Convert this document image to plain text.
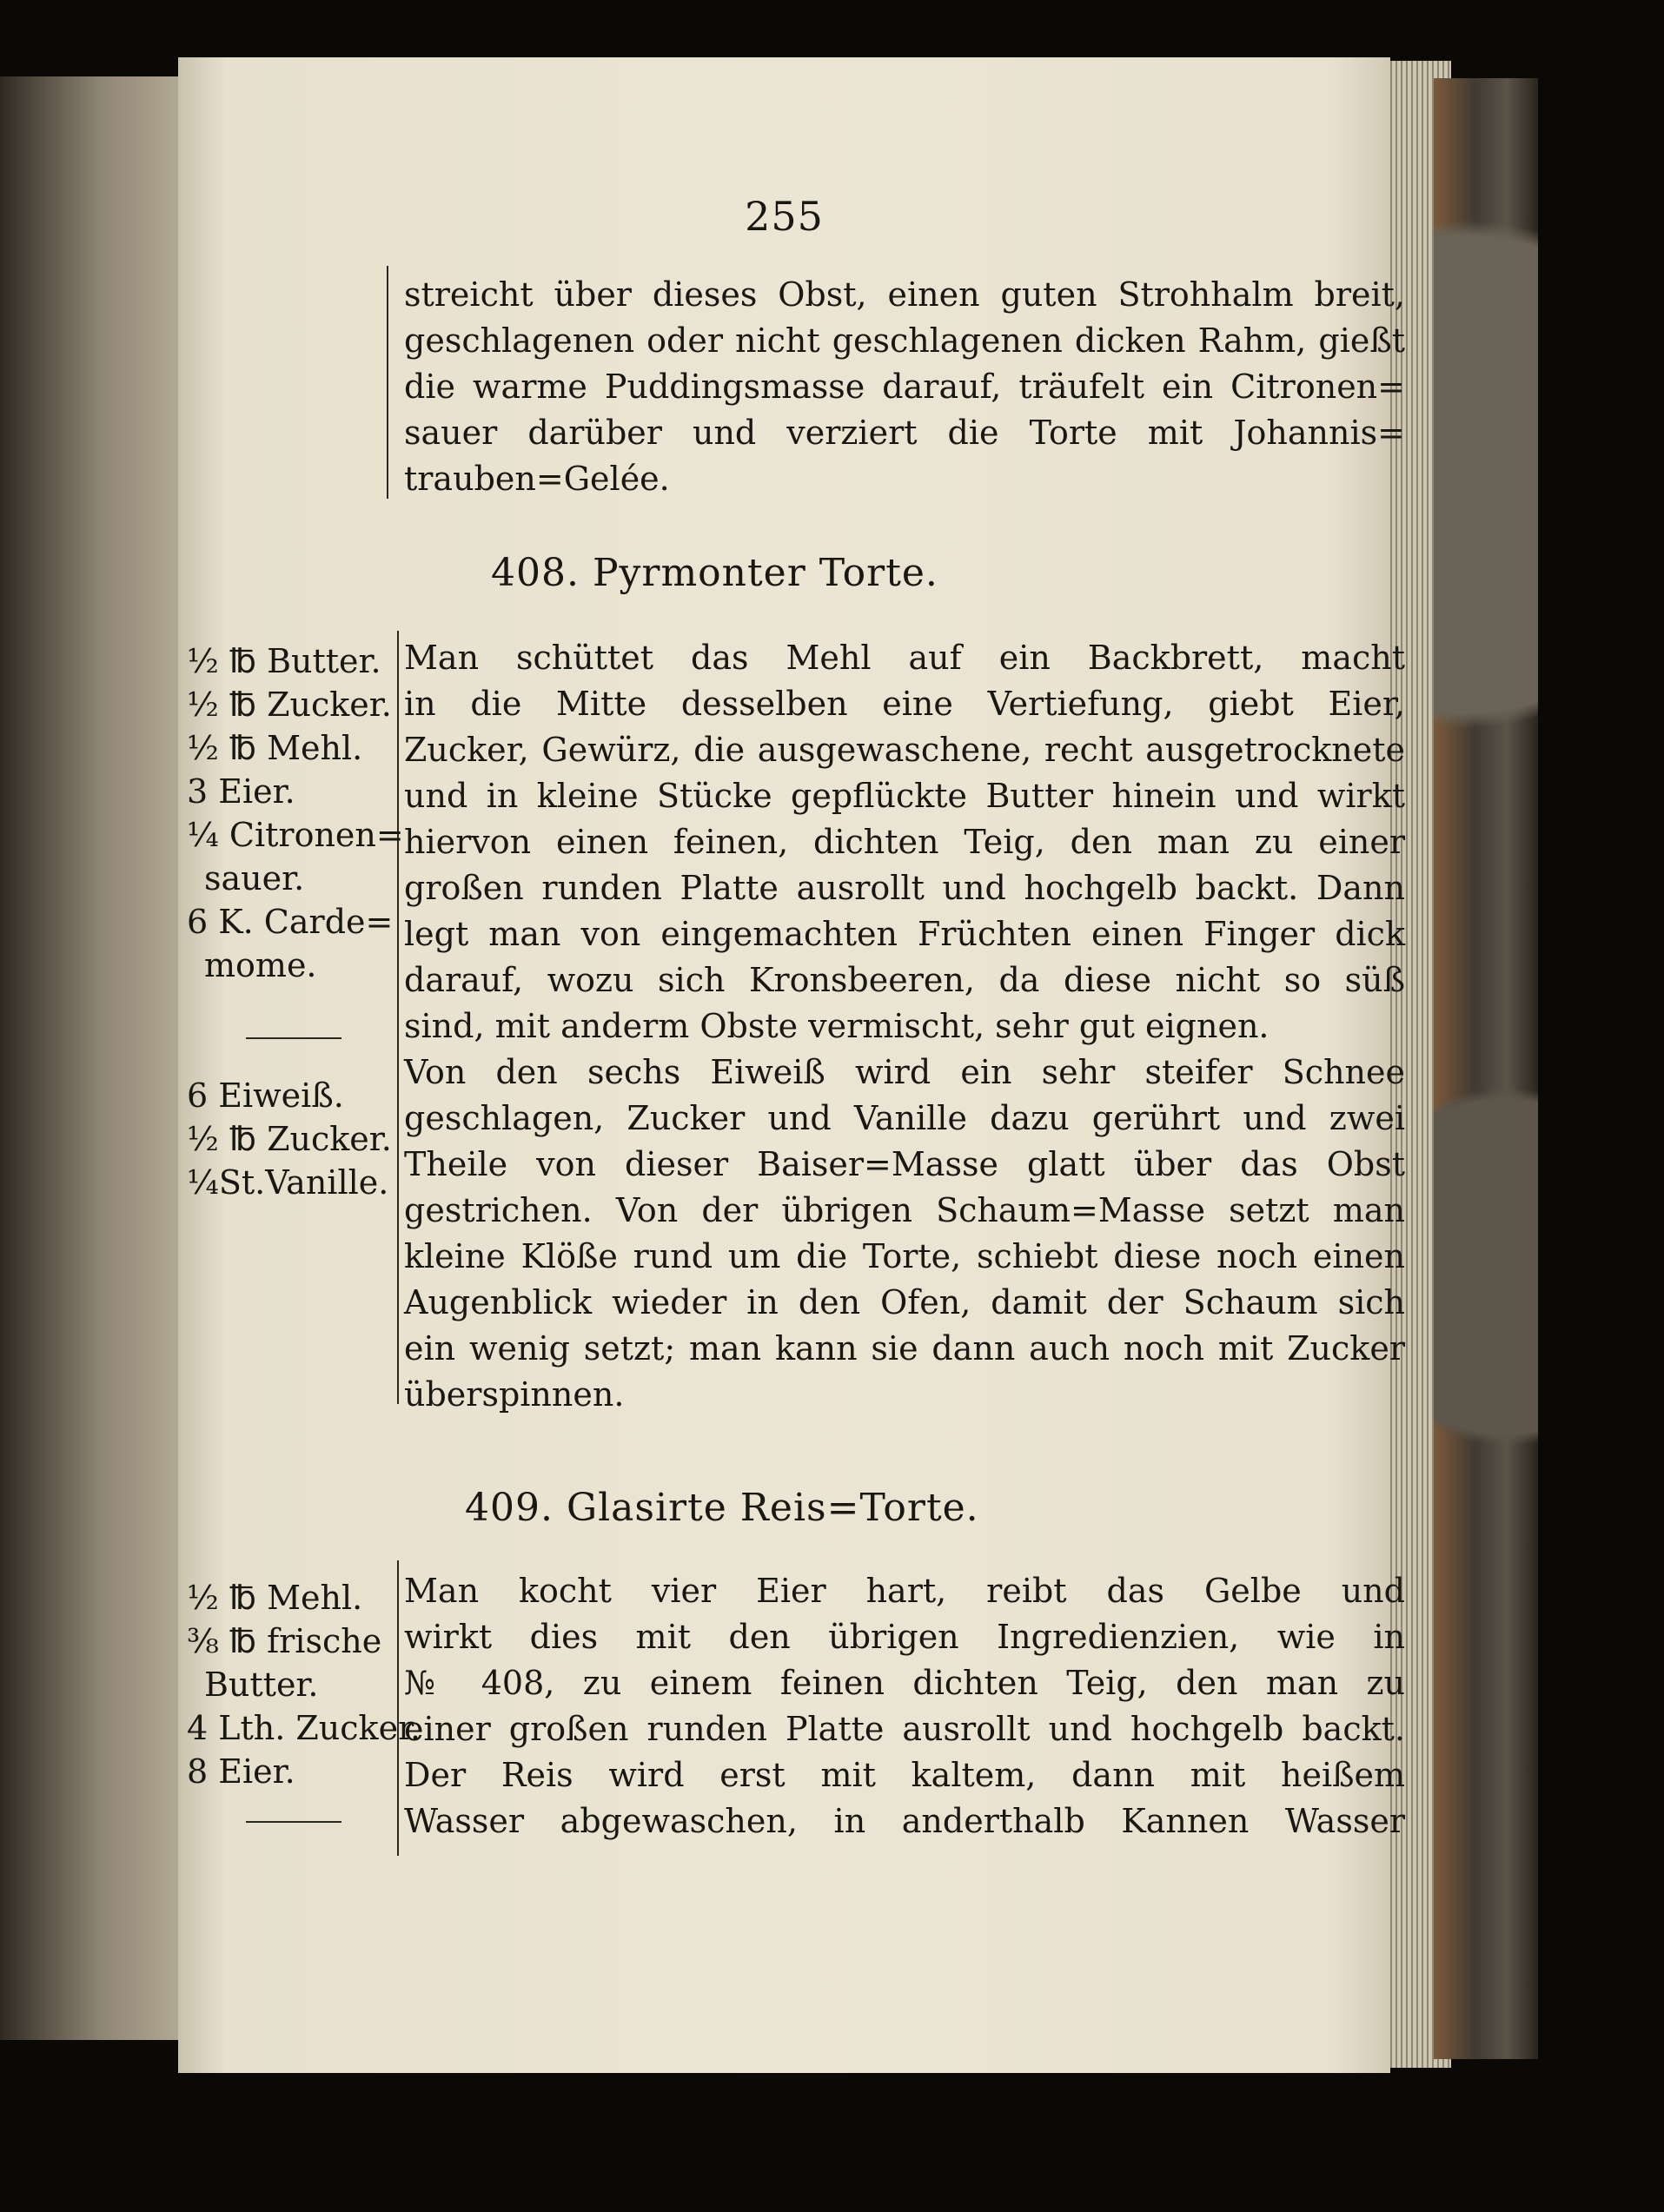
255
streicht über dieses Obst, einen guten Strohhalm breit,
geschlagenen oder nicht geschlagenen dicken Rahm, gießt
die warme Puddingsmasse darauf, träufelt ein Citronen=
sauer darüber und verziert die Torte mit Johannis=
trauben=Gelée.
408. Pyrmonter Torte.
½ ℔ Butter.
½ ℔ Zucker.
½ ℔ Mehl.
3 Eier.
¼ Citronen=
sauer.
6 K. Carde=
mome.
6 Eiweiß.
½ ℔ Zucker.
¼St.Vanille.
Man schüttet das Mehl auf ein Backbrett, macht
in die Mitte desselben eine Vertiefung, giebt Eier,
Zucker, Gewürz, die ausgewaschene, recht ausgetrocknete
und in kleine Stücke gepflückte Butter hinein und wirkt
hiervon einen feinen, dichten Teig, den man zu einer
großen runden Platte ausrollt und hochgelb backt. Dann
legt man von eingemachten Früchten einen Finger dick
darauf, wozu sich Kronsbeeren, da diese nicht so süß
sind, mit anderm Obste vermischt, sehr gut eignen.
Von den sechs Eiweiß wird ein sehr steifer Schnee
geschlagen, Zucker und Vanille dazu gerührt und zwei
Theile von dieser Baiser=Masse glatt über das Obst
gestrichen. Von der übrigen Schaum=Masse setzt man
kleine Klöße rund um die Torte, schiebt diese noch einen
Augenblick wieder in den Ofen, damit der Schaum sich
ein wenig setzt; man kann sie dann auch noch mit Zucker
überspinnen.
409. Glasirte Reis=Torte.
½ ℔ Mehl.
⅜ ℔ frische
Butter.
4 Lth. Zucker.
8 Eier.
Man kocht vier Eier hart, reibt das Gelbe und
wirkt dies mit den übrigen Ingredienzien, wie in
№ 408, zu einem feinen dichten Teig, den man zu
einer großen runden Platte ausrollt und hochgelb backt.
Der Reis wird erst mit kaltem, dann mit heißem
Wasser abgewaschen, in anderthalb Kannen Wasser
